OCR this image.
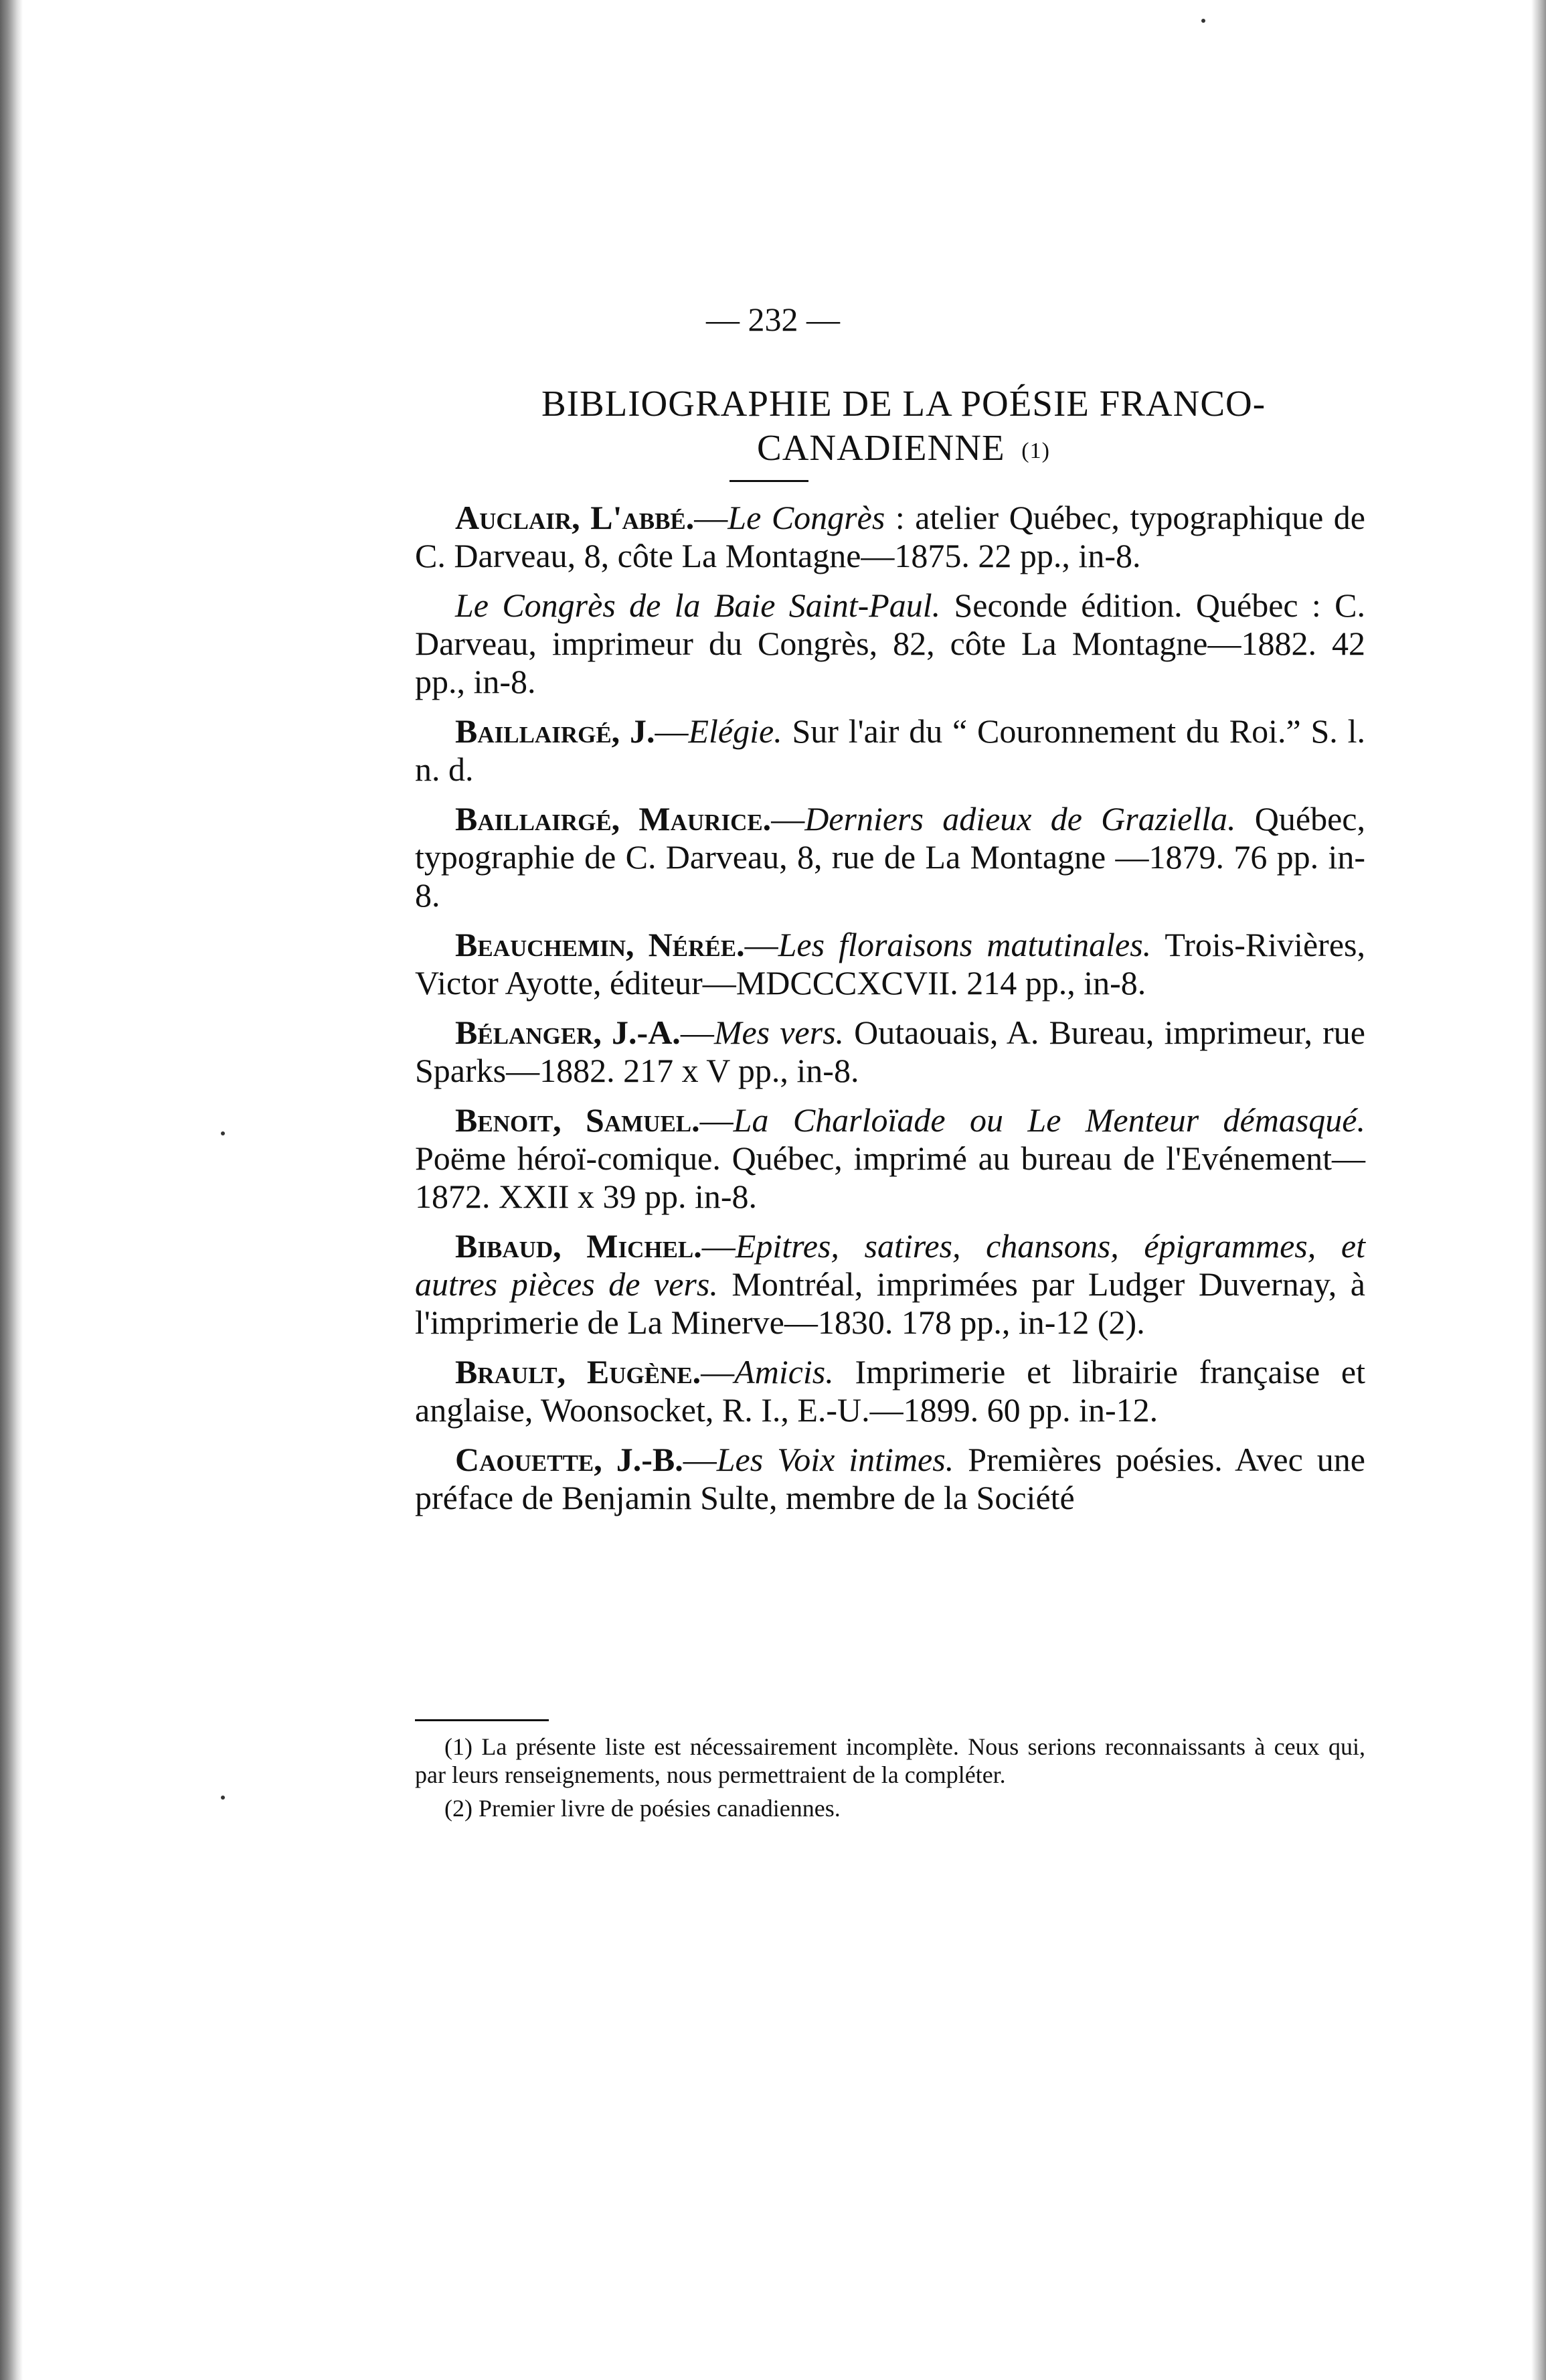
— 232 —
BIBLIOGRAPHIE DE LA POÉSIE FRANCO-
CANADIENNE (1)

Auclair, L'abbé.—Le Congrès : atelier Québec, typographique de C. Darveau, 8, côte La Montagne—1875. 22 pp., in-8.

Le Congrès de la Baie Saint-Paul. Seconde édition. Québec : C. Darveau, imprimeur du Congrès, 82, côte La Montagne—1882. 42 pp., in-8.

Baillairgé, J.—Elégie. Sur l'air du “ Couronnement du Roi.” S. l. n. d.

Baillairgé, Maurice.—Derniers adieux de Graziella. Québec, typographie de C. Darveau, 8, rue de La Montagne —1879. 76 pp. in-8.

Beauchemin, Nérée.—Les floraisons matutinales. Trois-Rivières, Victor Ayotte, éditeur—MDCCCXCVII. 214 pp., in-8.

Bélanger, J.-A.—Mes vers. Outaouais, A. Bureau, imprimeur, rue Sparks—1882. 217 x V pp., in-8.

Benoit, Samuel.—La Charloïade ou Le Menteur démasqué. Poëme héroï-comique. Québec, imprimé au bureau de l'Evénement—1872. XXII x 39 pp. in-8.

Bibaud, Michel.—Epitres, satires, chansons, épigrammes, et autres pièces de vers. Montréal, imprimées par Ludger Duvernay, à l'imprimerie de La Minerve—1830. 178 pp., in-12 (2).

Brault, Eugène.—Amicis. Imprimerie et librairie française et anglaise, Woonsocket, R. I., E.-U.—1899. 60 pp. in-12.

Caouette, J.-B.—Les Voix intimes. Premières poésies. Avec une préface de Benjamin Sulte, membre de la Société

(1) La présente liste est nécessairement incomplète. Nous serions reconnaissants à ceux qui, par leurs renseignements, nous permettraient de la compléter.

(2) Premier livre de poésies canadiennes.
